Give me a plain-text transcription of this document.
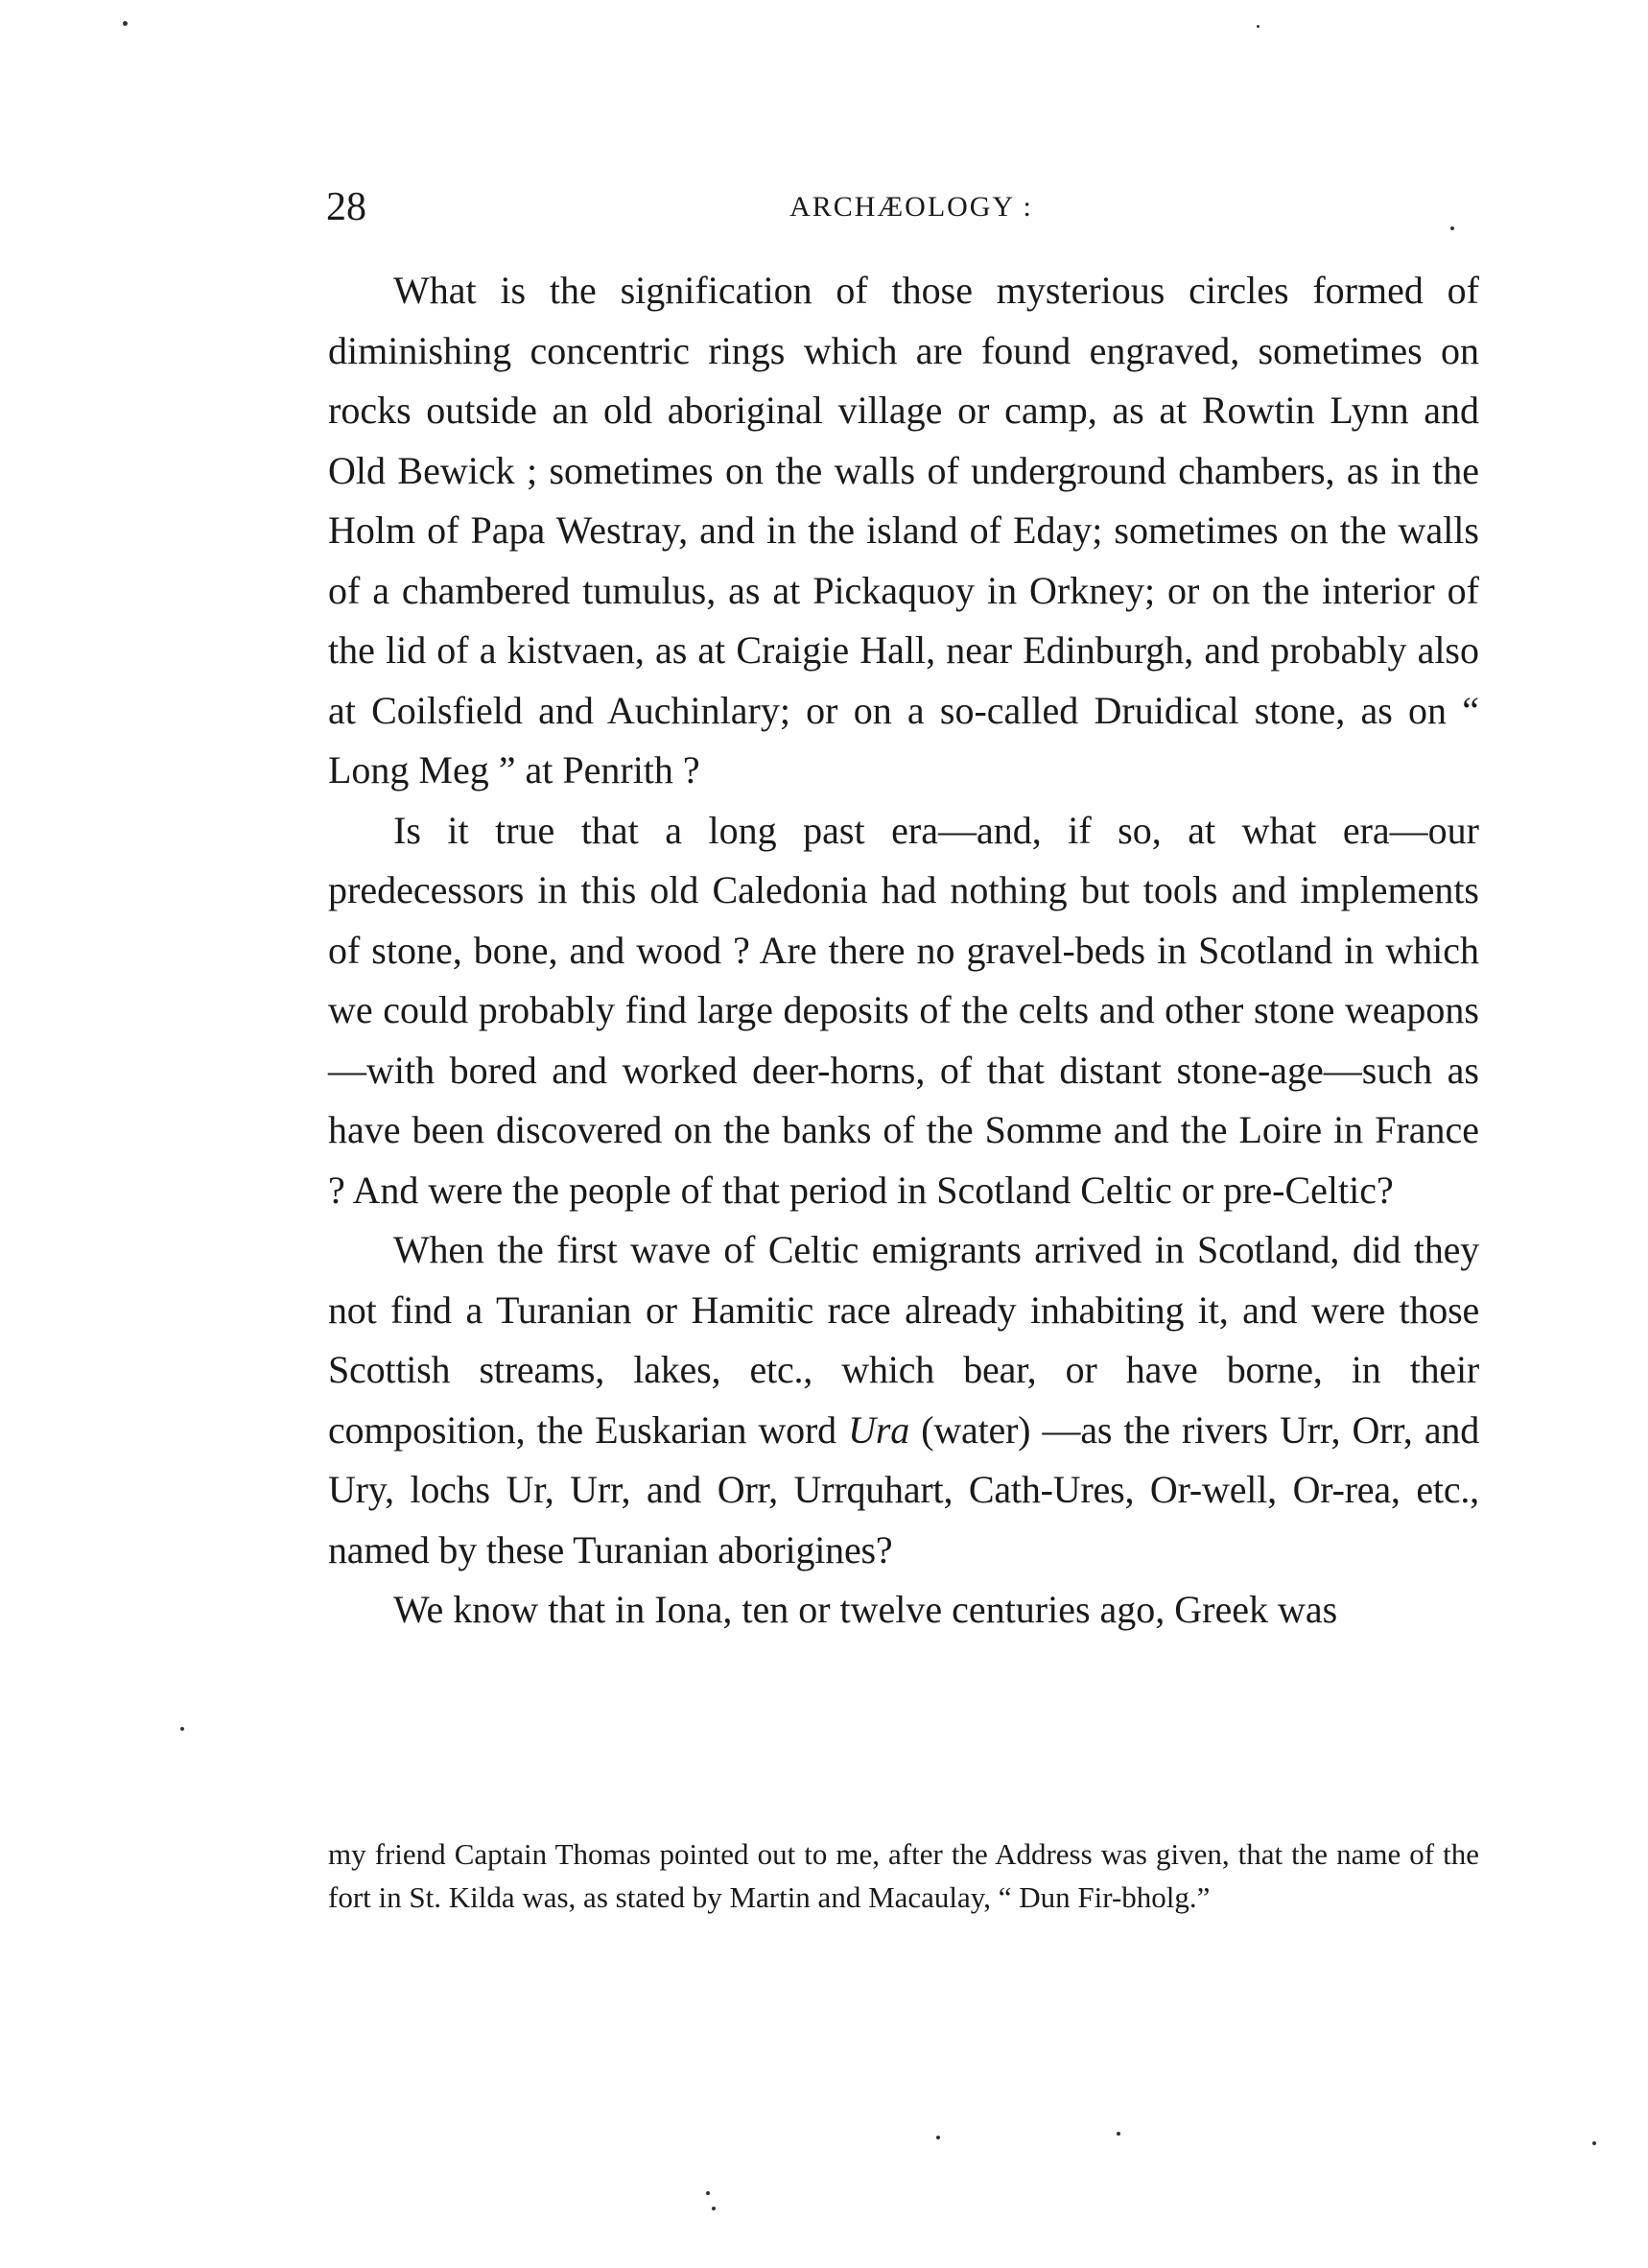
28	ARCHÆOLOGY :

What is the signification of those mysterious circles formed of diminishing concentric rings which are found engraved, sometimes on rocks outside an old aboriginal village or camp, as at Rowtin Lynn and Old Bewick ; sometimes on the walls of underground chambers, as in the Holm of Papa Westray, and in the island of Eday; sometimes on the walls of a chambered tumulus, as at Pickaquoy in Orkney; or on the interior of the lid of a kistvaen, as at Craigie Hall, near Edinburgh, and probably also at Coilsfield and Auchinlary; or on a so-called Druidical stone, as on “ Long Meg ” at Penrith ?

Is it true that a long past era—and, if so, at what era—our predecessors in this old Caledonia had nothing but tools and implements of stone, bone, and wood ? Are there no gravel-beds in Scotland in which we could probably find large deposits of the celts and other stone weapons—with bored and worked deer-horns, of that distant stone-age—such as have been discovered on the banks of the Somme and the Loire in France ? And were the people of that period in Scotland Celtic or pre-Celtic?

When the first wave of Celtic emigrants arrived in Scotland, did they not find a Turanian or Hamitic race already inhabiting it, and were those Scottish streams, lakes, etc., which bear, or have borne, in their composition, the Euskarian word Ura (water) —as the rivers Urr, Orr, and Ury, lochs Ur, Urr, and Orr, Urrquhart, Cath-Ures, Or-well, Or-rea, etc., named by these Turanian aborigines?

We know that in Iona, ten or twelve centuries ago, Greek was

my friend Captain Thomas pointed out to me, after the Address was given, that the name of the fort in St. Kilda was, as stated by Martin and Macaulay, “ Dun Fir-bholg.”
